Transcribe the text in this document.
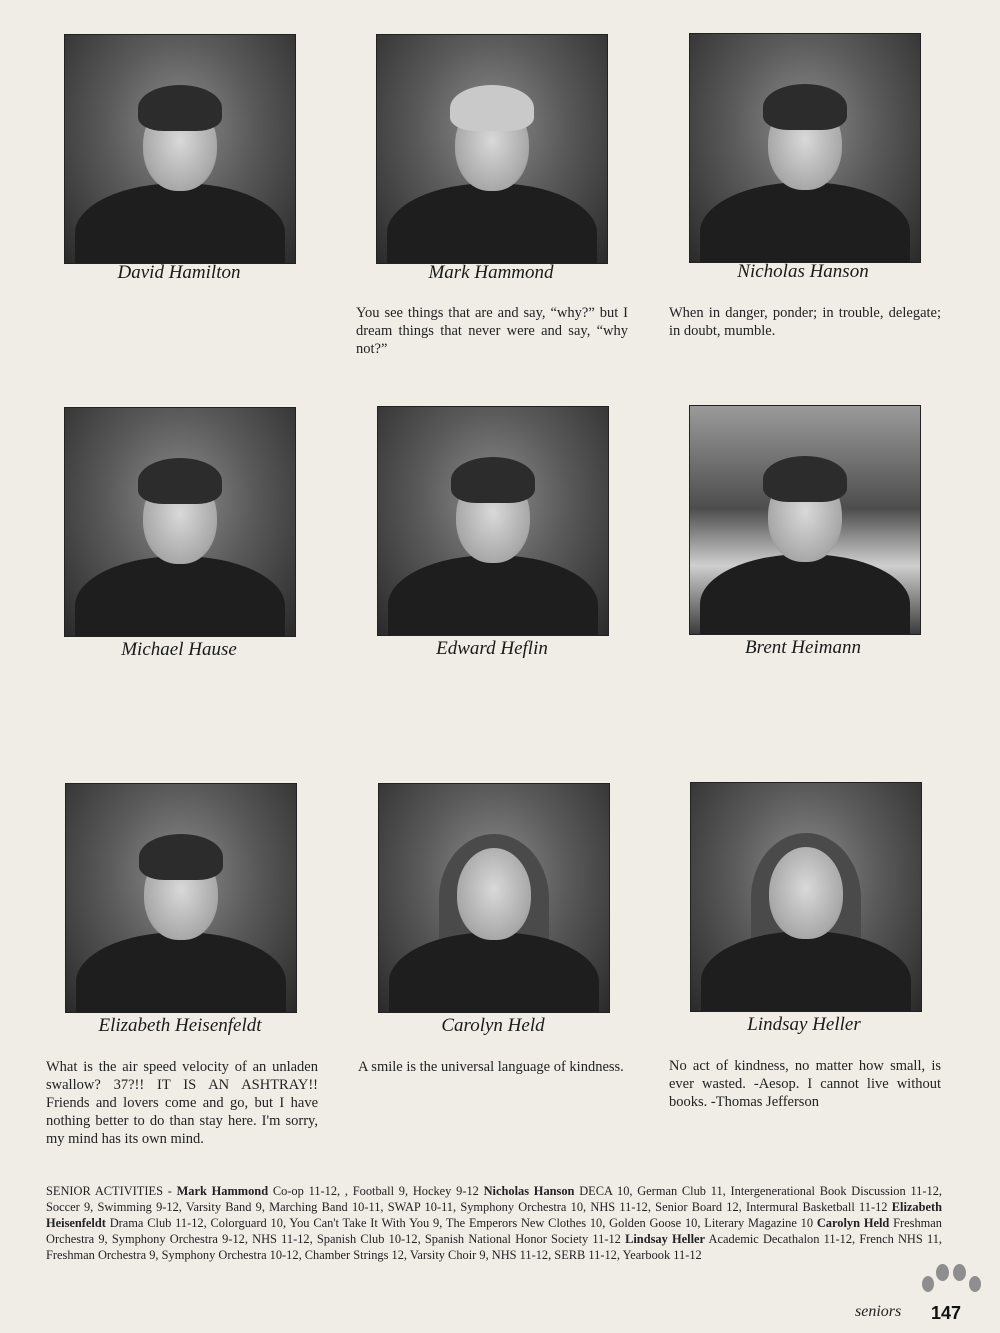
David Hamilton	Mark Hammond
You see things that are and say, “why?” but I dream things that never were and say, “why not?”
Nicholas Hanson
When in danger, ponder; in trouble, delegate; in doubt, mumble.
Michael Hause	Edward Heflin	Brent Heimann
Elizabeth Heisenfeldt
What is the air speed velocity of an unladen swallow? 37?!! IT IS AN ASHTRAY!! Friends and lovers come and go, but I have nothing better to do than stay here. I'm sorry, my mind has its own mind.
Carolyn Held
A smile is the universal language of kindness.
Lindsay Heller
No act of kindness, no matter how small, is ever wasted. -Aesop. I cannot live without books. -Thomas Jefferson
SENIOR ACTIVITIES - Mark Hammond Co-op 11-12, , Football 9, Hockey 9-12 Nicholas Hanson DECA 10, German Club 11, Intergenerational Book Discussion 11-12, Soccer 9, Swimming 9-12, Varsity Band 9, Marching Band 10-11, SWAP 10-11, Symphony Orchestra 10, NHS 11-12, Senior Board 12, Intermural Basketball 11-12 Elizabeth Heisenfeldt Drama Club 11-12, Colorguard 10, You Can't Take It With You 9, The Emperors New Clothes 10, Golden Goose 10, Literary Magazine 10 Carolyn Held Freshman Orchestra 9, Symphony Orchestra 9-12, NHS 11-12, Spanish Club 10-12, Spanish National Honor Society 11-12 Lindsay Heller Academic Decathalon 11-12, French NHS 11, Freshman Orchestra 9, Symphony Orchestra 10-12, Chamber Strings 12, Varsity Choir 9, NHS 11-12, SERB 11-12, Yearbook 11-12
seniors	147
